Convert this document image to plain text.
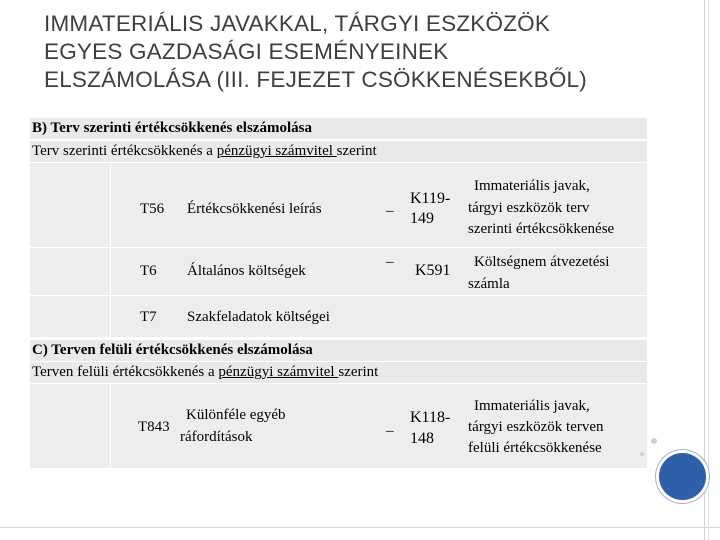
IMMATERIÁLIS JAVAKKAL, TÁRGYI ESZKÖZÖK
EGYES GAZDASÁGI ESEMÉNYEINEK
ELSZÁMOLÁSA (III. FEJEZET CSÖKKENÉSEKBŐL)
B) Terv szerinti értékcsökkenés elszámolása
Terv szerinti értékcsökkenés a pénzügyi számvitel szerint
T56 Értékcsökkenési leírás	–
K119-
149
Immateriális javak,
tárgyi eszközök terv
szerinti értékcsökkenése
T6 Általános költségek
– K591 Költségnem átvezetési
számla
T7 Szakfeladatok költségei
C) Terven felüli értékcsökkenés elszámolása
Terven felüli értékcsökkenés a pénzügyi számvitel szerint
T843
Különféle egyéb
ráfordítások	–
K118-
148
Immateriális javak,
tárgyi eszközök terven
felüli értékcsökkenése
